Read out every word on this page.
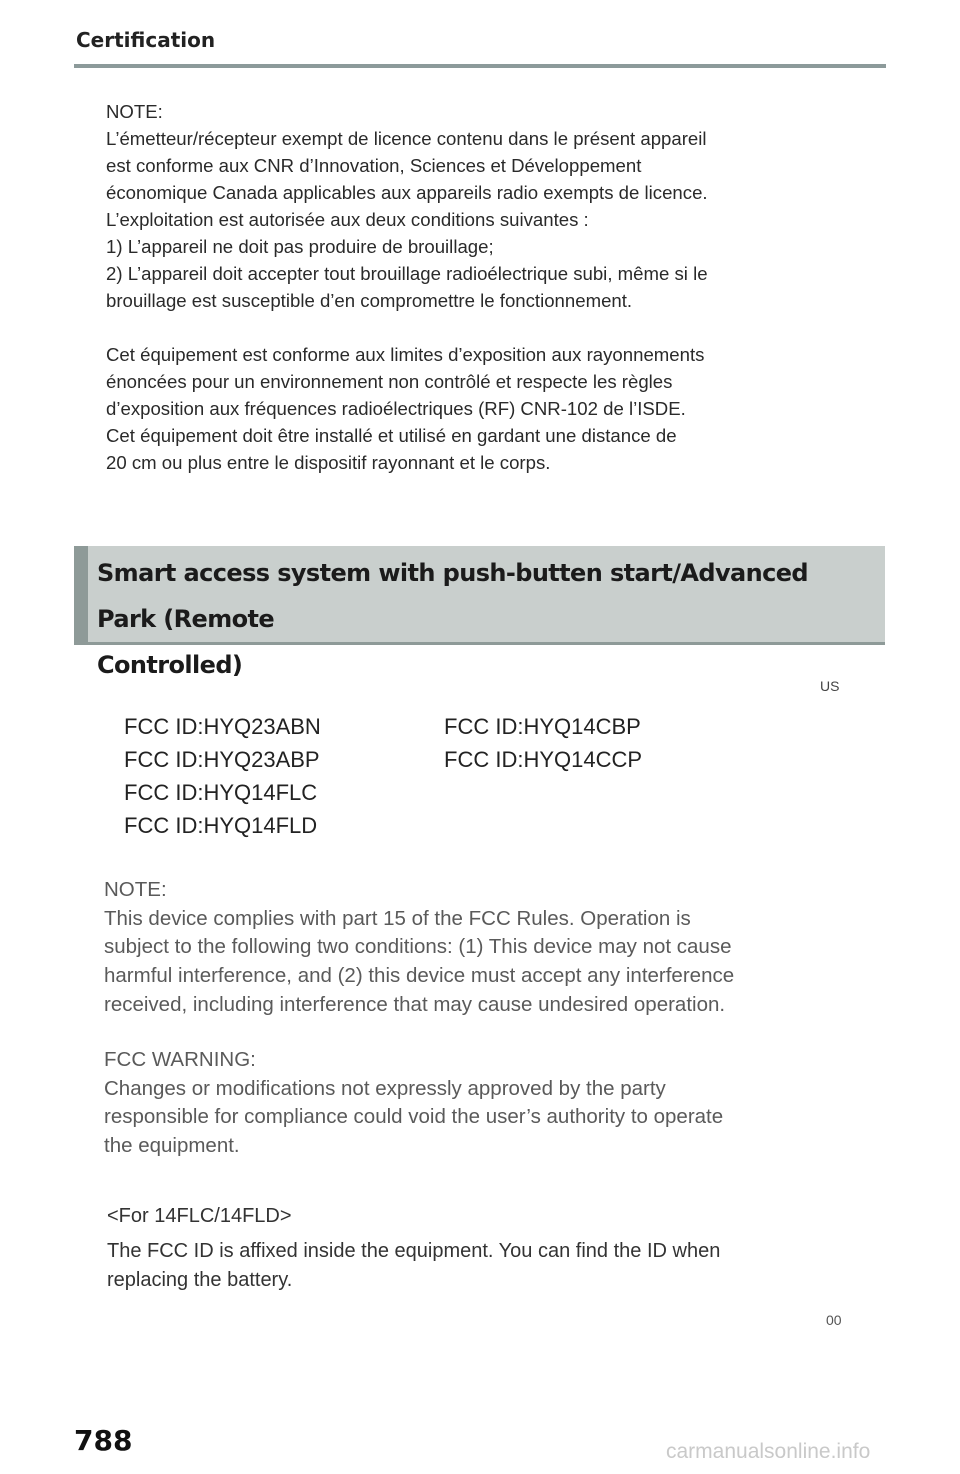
Certification

NOTE:

L’émetteur/récepteur exempt de licence contenu dans le présent appareil

est conforme aux CNR d’Innovation, Sciences et Développement

économique Canada applicables aux appareils radio exempts de licence.

L’exploitation est autorisée aux deux conditions suivantes :

1) L’appareil ne doit pas produire de brouillage;

2) L’appareil doit accepter tout brouillage radioélectrique subi, même si le

brouillage est susceptible d’en compromettre le fonctionnement.

Cet équipement est conforme aux limites d’exposition aux rayonnements

énoncées pour un environnement non contrôlé et respecte les règles

d’exposition aux fréquences radioélectriques (RF) CNR-102 de l’ISDE.

Cet équipement doit être installé et utilisé en gardant une distance de

20 cm ou plus entre le dispositif rayonnant et le corps.

Smart access system with push-butten start/Advanced Park (Remote
Controlled)
US
FCC ID:HYQ23ABN
FCC ID:HYQ23ABP
FCC ID:HYQ14FLC
FCC ID:HYQ14FLD
FCC ID:HYQ14CBP
FCC ID:HYQ14CCP

NOTE:

This device complies with part 15 of the FCC Rules. Operation is

subject to the following two conditions: (1) This device may not cause

harmful interference, and (2) this device must accept any interference

received, including interference that may cause undesired operation.

FCC WARNING:

Changes or modifications not expressly approved by the party

responsible for compliance could void the user’s authority to operate

the equipment.

<For 14FLC/14FLD>

The FCC ID is affixed inside the equipment. You can find the ID when

replacing the battery.

00
788	carmanualsonline.info
